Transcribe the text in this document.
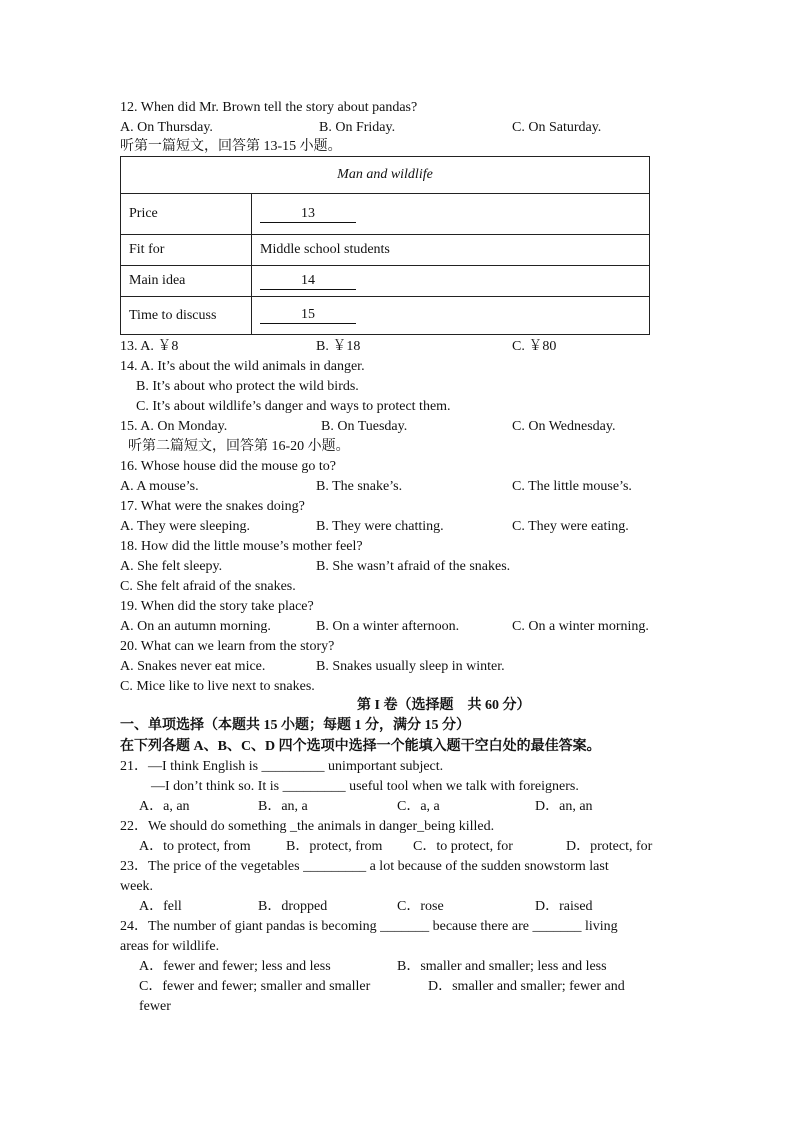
12. When did Mr. Brown tell the story about pandas?
A. On Thursday.	B. On Friday.	C. On Saturday.
听第一篇短文，回答第 13-15 小题。
Man and wildlife	
Price	13
Fit for	Middle school students
Main idea	14
Time to discuss	15
13. A. ￥8	B. ￥18	C. ￥80
14. A. It’s about the wild animals in danger.
B. It’s about who protect the wild birds.
C. It’s about wildlife’s danger and ways to protect them.
15. A. On Monday.	B. On Tuesday.	C. On Wednesday.
听第二篇短文，回答第 16-20 小题。
16. Whose house did the mouse go to?
A. A mouse’s.	B. The snake’s.	C. The little mouse’s.
17. What were the snakes doing?
A. They were sleeping.	B. They were chatting.	C. They were eating.
18. How did the little mouse’s mother feel?
A. She felt sleepy.	B. She wasn’t afraid of the snakes.
C. She felt afraid of the snakes.
19. When did the story take place?
A. On an autumn morning.	B. On a winter afternoon.	C. On a winter morning.
20. What can we learn from the story?
A. Snakes never eat mice.	B. Snakes usually sleep in winter.
C. Mice like to live next to snakes.
第 I 卷（选择题　共 60 分）
一、单项选择（本题共 15 小题；每题 1 分，满分 15 分）
在下列各题 A、B、C、D 四个选项中选择一个能填入题干空白处的最佳答案。
21．—I think English is _________ unimportant subject.
—I don’t think so. It is _________ useful tool when we talk with foreigners.
A．a, an	B．an, a	C．a, a	D．an, an
22．We should do something _the animals in danger_being killed.
A．to protect, from	B．protect, from C．to protect, for	D．protect, for
23．The price of the vegetables _________ a lot because of the sudden snowstorm last
week.
A．fell	B．dropped	C．rose	D．raised
24．The number of giant pandas is becoming _______ because there are _______ living
areas for wildlife.
A．fewer and fewer; less and less	B．smaller and smaller; less and less
C．fewer and fewer; smaller and smaller	D．smaller and smaller; fewer and
fewer
